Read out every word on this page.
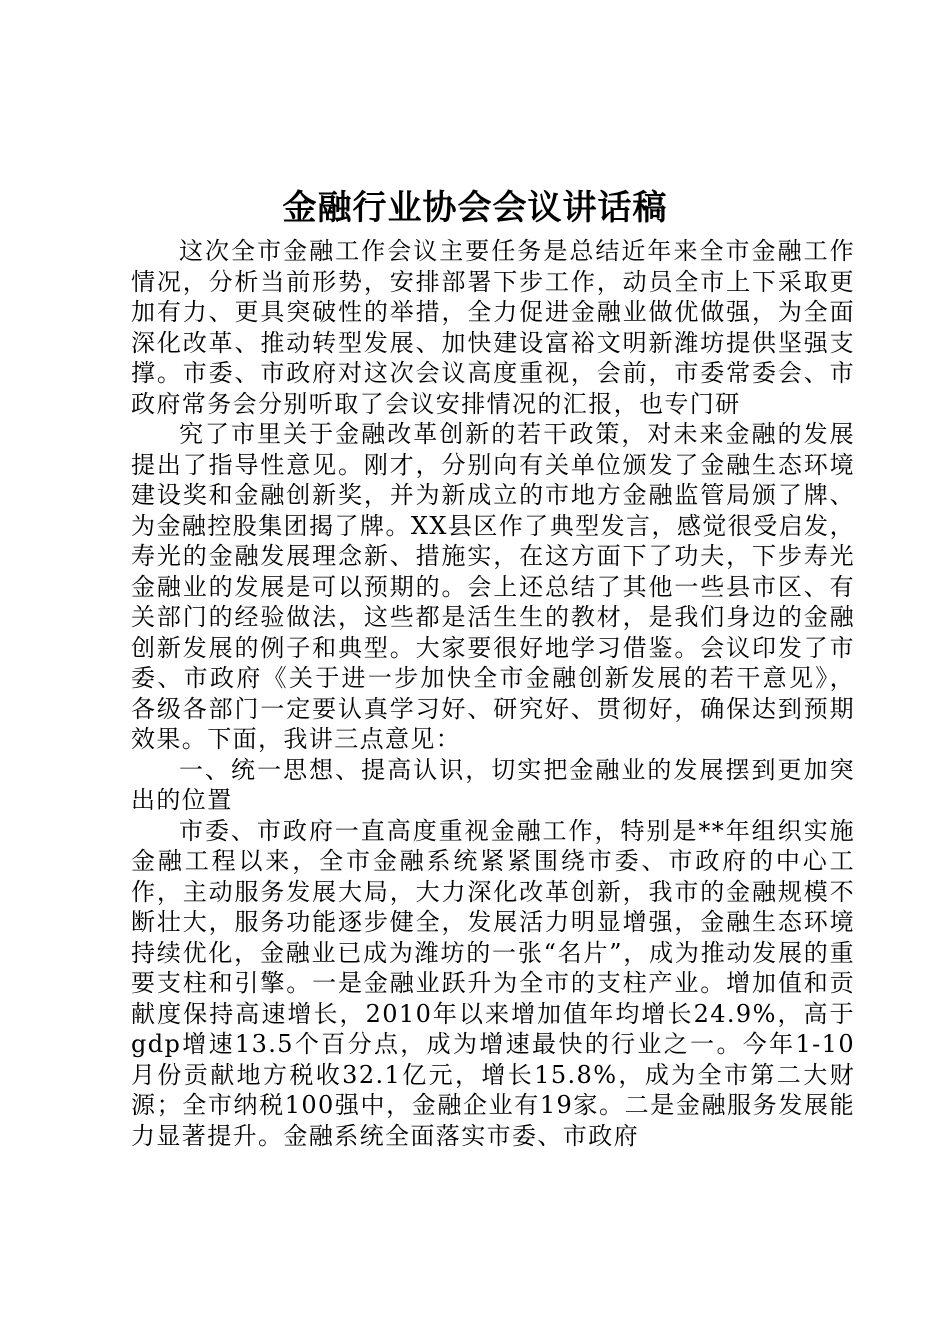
金融行业协会会议讲话稿

这次全市金融工作会议主要任务是总结近年来全市金融工作情况，分析当前形势，安排部署下步工作，动员全市上下采取更加有力、更具突破性的举措，全力促进金融业做优做强，为全面深化改革、推动转型发展、加快建设富裕文明新潍坊提供坚强支撑。市委、市政府对这次会议高度重视，会前，市委常委会、市政府常务会分别听取了会议安排情况的汇报，也专门研

究了市里关于金融改革创新的若干政策，对未来金融的发展提出了指导性意见。刚才，分别向有关单位颁发了金融生态环境建设奖和金融创新奖，并为新成立的市地方金融监管局颁了牌、为金融控股集团揭了牌。XX县区作了典型发言，感觉很受启发，寿光的金融发展理念新、措施实，在这方面下了功夫，下步寿光金融业的发展是可以预期的。会上还总结了其他一些县市区、有关部门的经验做法，这些都是活生生的教材，是我们身边的金融创新发展的例子和典型。大家要很好地学习借鉴。会议印发了市委、市政府《关于进一步加快全市金融创新发展的若干意见》，各级各部门一定要认真学习好、研究好、贯彻好，确保达到预期效果。下面，我讲三点意见：

一、统一思想、提高认识，切实把金融业的发展摆到更加突出的位置

市委、市政府一直高度重视金融工作，特别是**年组织实施金融工程以来，全市金融系统紧紧围绕市委、市政府的中心工作，主动服务发展大局，大力深化改革创新，我市的金融规模不断壮大，服务功能逐步健全，发展活力明显增强，金融生态环境持续优化，金融业已成为潍坊的一张“名片”，成为推动发展的重要支柱和引擎。一是金融业跃升为全市的支柱产业。增加值和贡献度保持高速增长，2010年以来增加值年均增长24.9%，高于gdp增速13.5个百分点，成为增速最快的行业之一。今年1-10月份贡献地方税收32.1亿元，增长15.8%，成为全市第二大财源；全市纳税100强中，金融企业有19家。二是金融服务发展能力显著提升。金融系统全面落实市委、市政府
